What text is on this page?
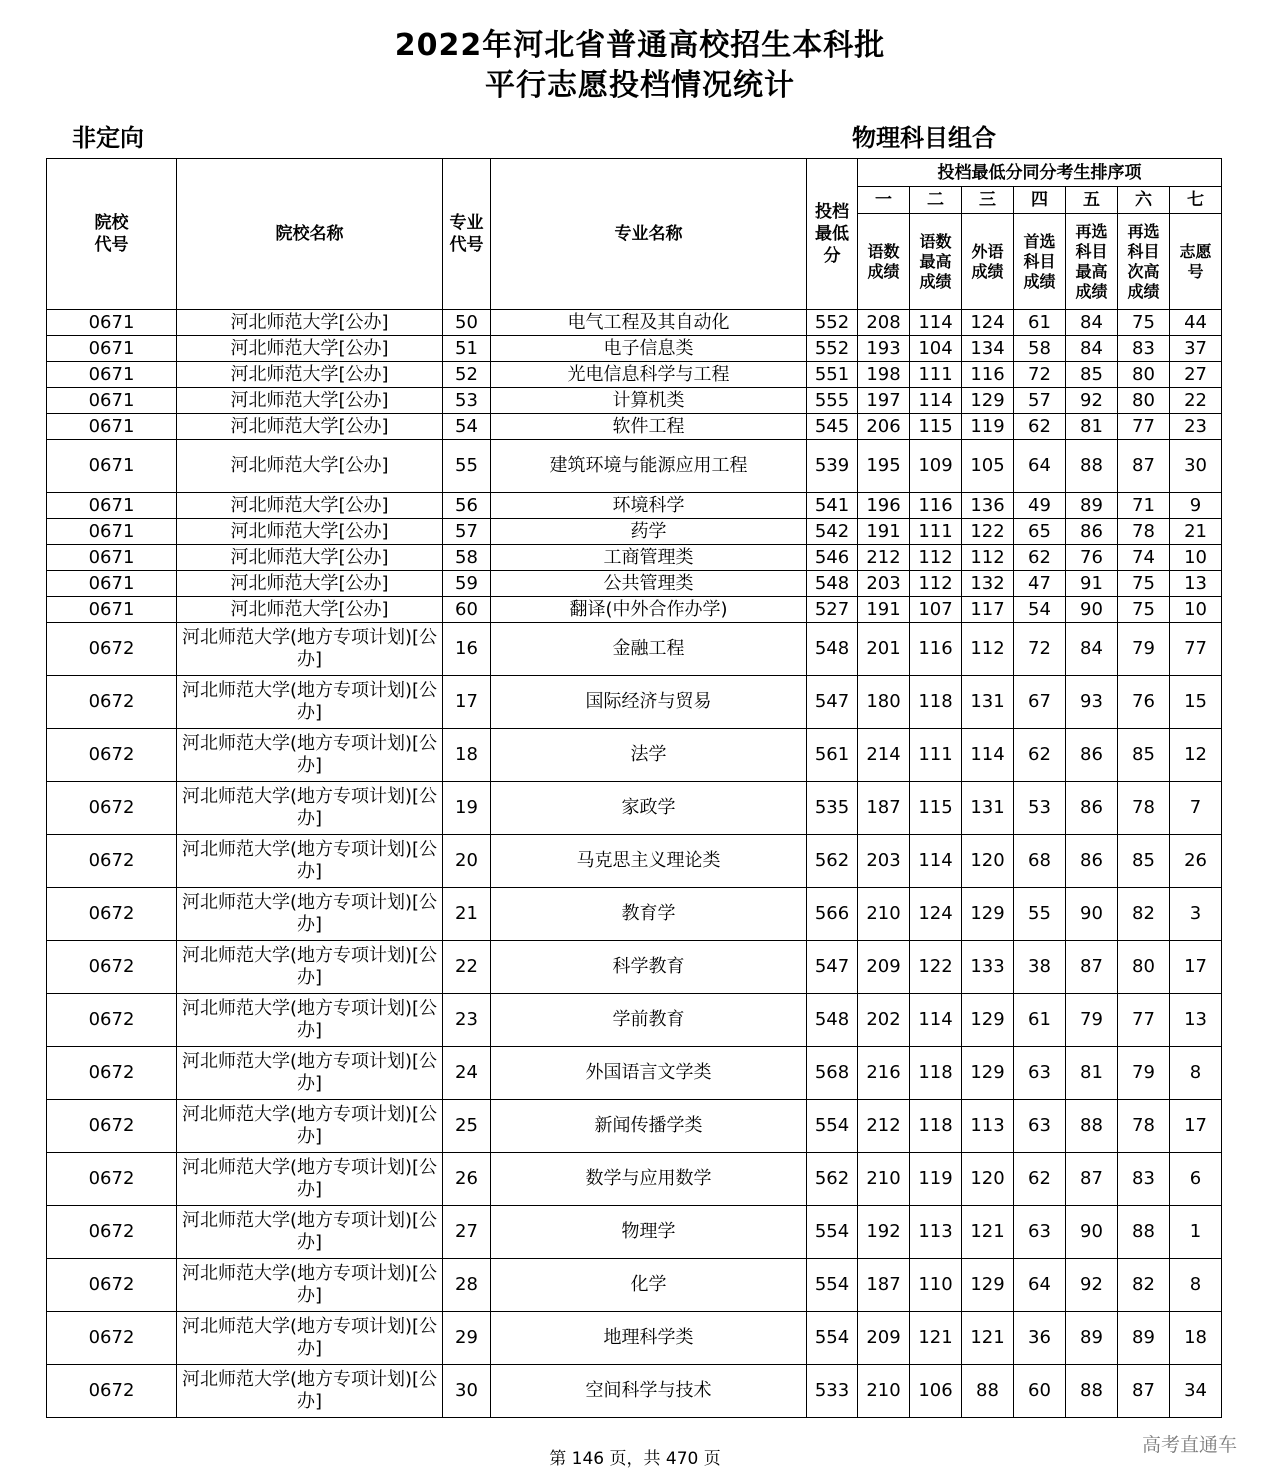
2022年河北省普通高校招生本科批
平行志愿投档情况统计
非定向	物理科目组合
院校代号	院校名称	专业代号	专业名称	投档最低分	投档最低分同分考生排序项						
					一	二	三	四	五	六	七
					语数成绩	语数最高成绩	外语成绩	首选科目成绩	再选科目最高成绩	再选科目次高成绩	志愿号
0671	河北师范大学[公办]	50	电气工程及其自动化	552	208	114	124	61	84	75	44
0671	河北师范大学[公办]	51	电子信息类	552	193	104	134	58	84	83	37
0671	河北师范大学[公办]	52	光电信息科学与工程	551	198	111	116	72	85	80	27
0671	河北师范大学[公办]	53	计算机类	555	197	114	129	57	92	80	22
0671	河北师范大学[公办]	54	软件工程	545	206	115	119	62	81	77	23
0671	河北师范大学[公办]	55	建筑环境与能源应用工程	539	195	109	105	64	88	87	30
0671	河北师范大学[公办]	56	环境科学	541	196	116	136	49	89	71	9
0671	河北师范大学[公办]	57	药学	542	191	111	122	65	86	78	21
0671	河北师范大学[公办]	58	工商管理类	546	212	112	112	62	76	74	10
0671	河北师范大学[公办]	59	公共管理类	548	203	112	132	47	91	75	13
0671	河北师范大学[公办]	60	翻译(中外合作办学)	527	191	107	117	54	90	75	10
0672	河北师范大学(地方专项计划)[公办]	16	金融工程	548	201	116	112	72	84	79	77
0672	河北师范大学(地方专项计划)[公办]	17	国际经济与贸易	547	180	118	131	67	93	76	15
0672	河北师范大学(地方专项计划)[公办]	18	法学	561	214	111	114	62	86	85	12
0672	河北师范大学(地方专项计划)[公办]	19	家政学	535	187	115	131	53	86	78	7
0672	河北师范大学(地方专项计划)[公办]	20	马克思主义理论类	562	203	114	120	68	86	85	26
0672	河北师范大学(地方专项计划)[公办]	21	教育学	566	210	124	129	55	90	82	3
0672	河北师范大学(地方专项计划)[公办]	22	科学教育	547	209	122	133	38	87	80	17
0672	河北师范大学(地方专项计划)[公办]	23	学前教育	548	202	114	129	61	79	77	13
0672	河北师范大学(地方专项计划)[公办]	24	外国语言文学类	568	216	118	129	63	81	79	8
0672	河北师范大学(地方专项计划)[公办]	25	新闻传播学类	554	212	118	113	63	88	78	17
0672	河北师范大学(地方专项计划)[公办]	26	数学与应用数学	562	210	119	120	62	87	83	6
0672	河北师范大学(地方专项计划)[公办]	27	物理学	554	192	113	121	63	90	88	1
0672	河北师范大学(地方专项计划)[公办]	28	化学	554	187	110	129	64	92	82	8
0672	河北师范大学(地方专项计划)[公办]	29	地理科学类	554	209	121	121	36	89	89	18
0672	河北师范大学(地方专项计划)[公办]	30	空间科学与技术	533	210	106	88	60	88	87	34
第 146 页，共 470 页
高考直通车
